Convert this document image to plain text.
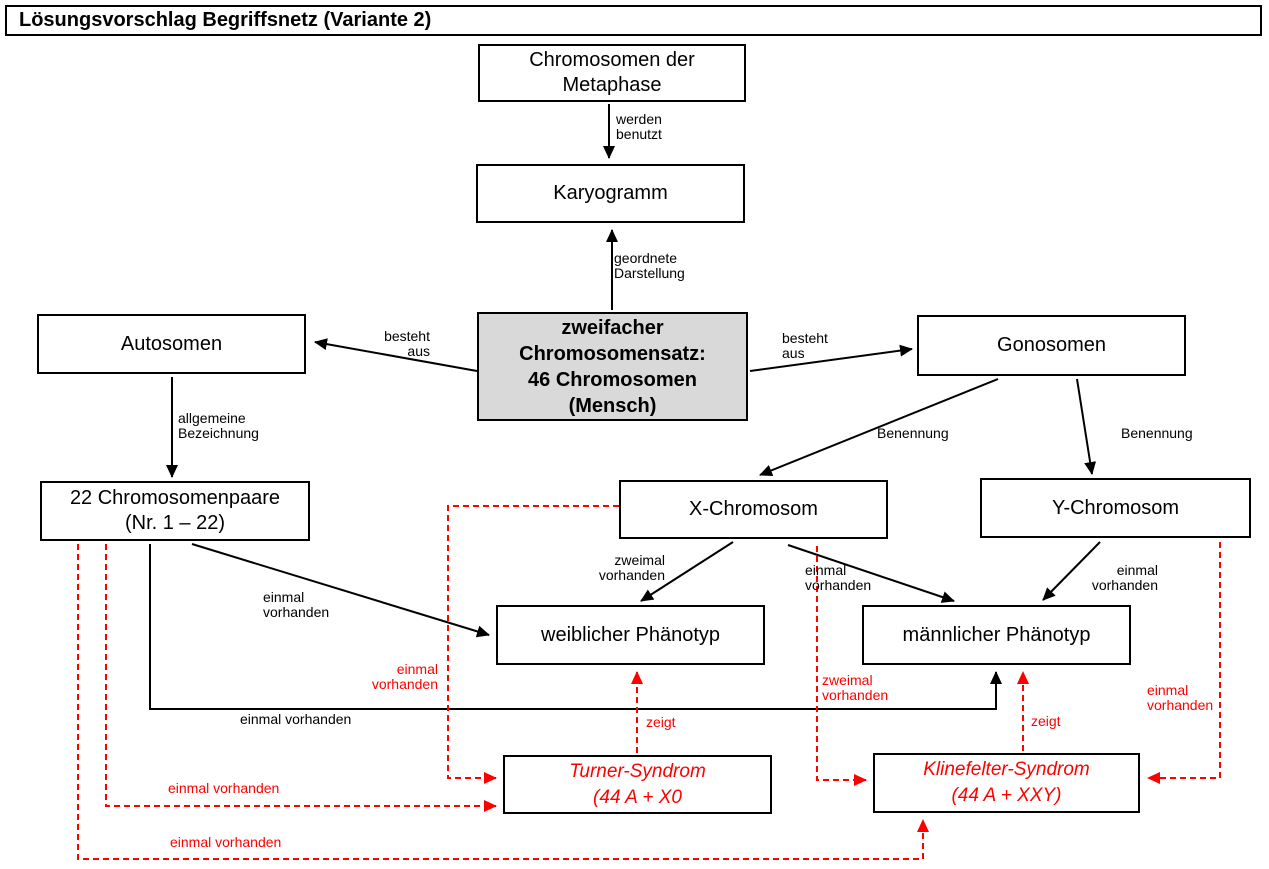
Lösungsvorschlag Begriffsnetz (Variante 2)
Chromosomen der
Metaphase
Karyogramm
zweifacher
Chromosomensatz:
46 Chromosomen
(Mensch)
Autosomen	Gonosomen
22 Chromosomenpaare
(Nr. 1 – 22)
X-Chromosom	Y-Chromosom
weiblicher Phänotyp	männlicher Phänotyp
Turner-Syndrom
(44 A + X0
Klinefelter-Syndrom
(44 A + XXY)
werden
benutzt
geordnete
Darstellung
besteht
aus
besteht
aus
allgemeine
Bezeichnung	Benennung	Benennung
zweimal
vorhanden	einmal
vorhanden
einmal
vorhanden
einmal
vorhanden
einmal vorhanden
einmal
vorhanden	zweimal
vorhanden	einmal
vorhanden
einmal vorhanden
einmal vorhanden
zeigt	zeigt
